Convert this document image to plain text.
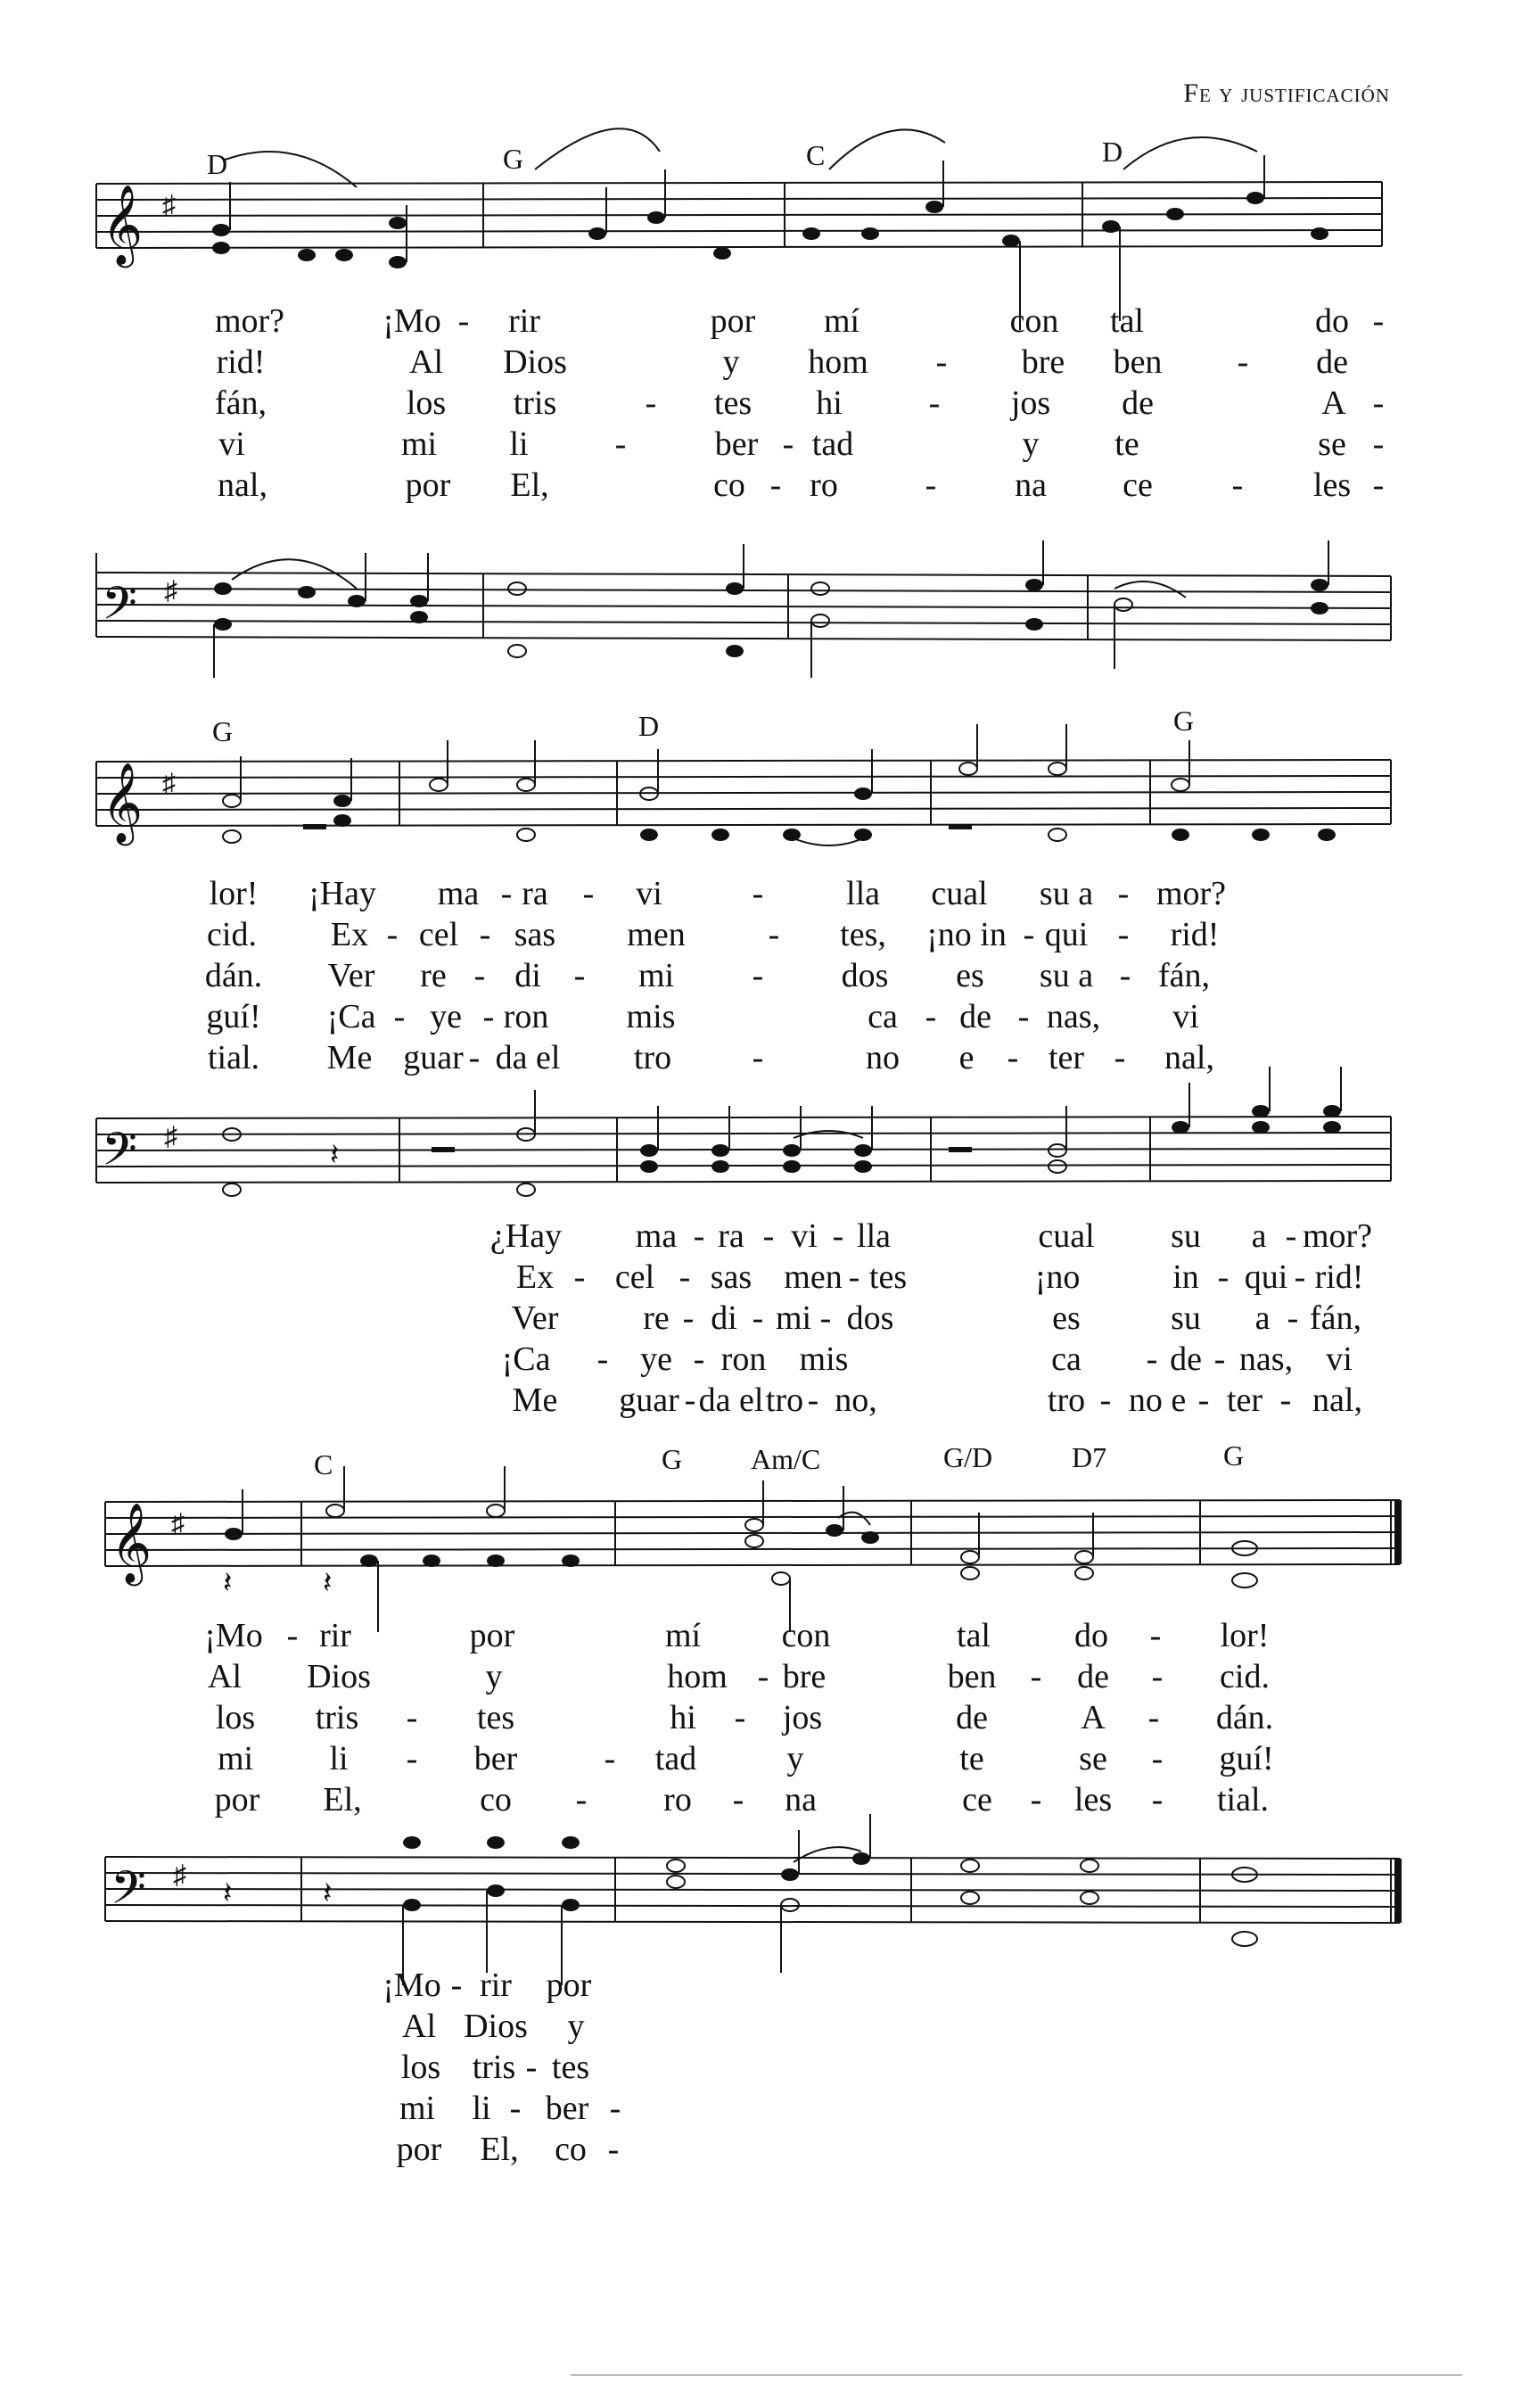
Fe y justificación
D	G	C	D
𝄞 ♯
mor?	¡Mo - rir	por mí	con tal	do -
rid!	Al Dios	y hom - bre ben - de
fán,	los tris	- tes hi	- jos de	A -
vi	mi li	-	ber - tad	y te	se -
nal,	por El,	co - ro	- na ce - les -
𝄢 ♯
G	D	G
𝄞 ♯
lor! ¡Hay ma - ra - vi	- lla cual su a - mor?
cid. Ex - cel - sas men - tes, ¡no in - qui - rid!
dán. Ver re - di - mi - dos es su a - fán,
guí! ¡Ca - ye - ron mis	ca - de - nas, vi
tial. Me guar - da el tro -	no e - ter - nal,
𝄢 ♯
𝄽
¿Hay ma - ra - vi - lla	cual su a - mor?
Ex - cel - sas men - tes	¡no	in - qui - rid!
Ver re - di - mi - dos	es	su a - fán,
¡Ca - ye - ron mis	ca - de - nas, vi
Me guar - da el tro - no,	tro - no e - ter - nal,
C	G Am/C	G/D	D7	G
𝄞 ♯
𝄽	𝄽
¡Mo - rir	por	mí con	tal do - lor!
Al Dios	y	hom - bre	ben - de - cid.
los tris - tes	hi - jos	de	A - dán.
mi li - ber	- tad	y	te	se - guí!
por El,	co - ro - na	ce - les - tial.
𝄢 ♯
𝄽	𝄽
¡Mo - rir por
Al Dios y
los tris - tes
mi li - ber -
por El, co -
